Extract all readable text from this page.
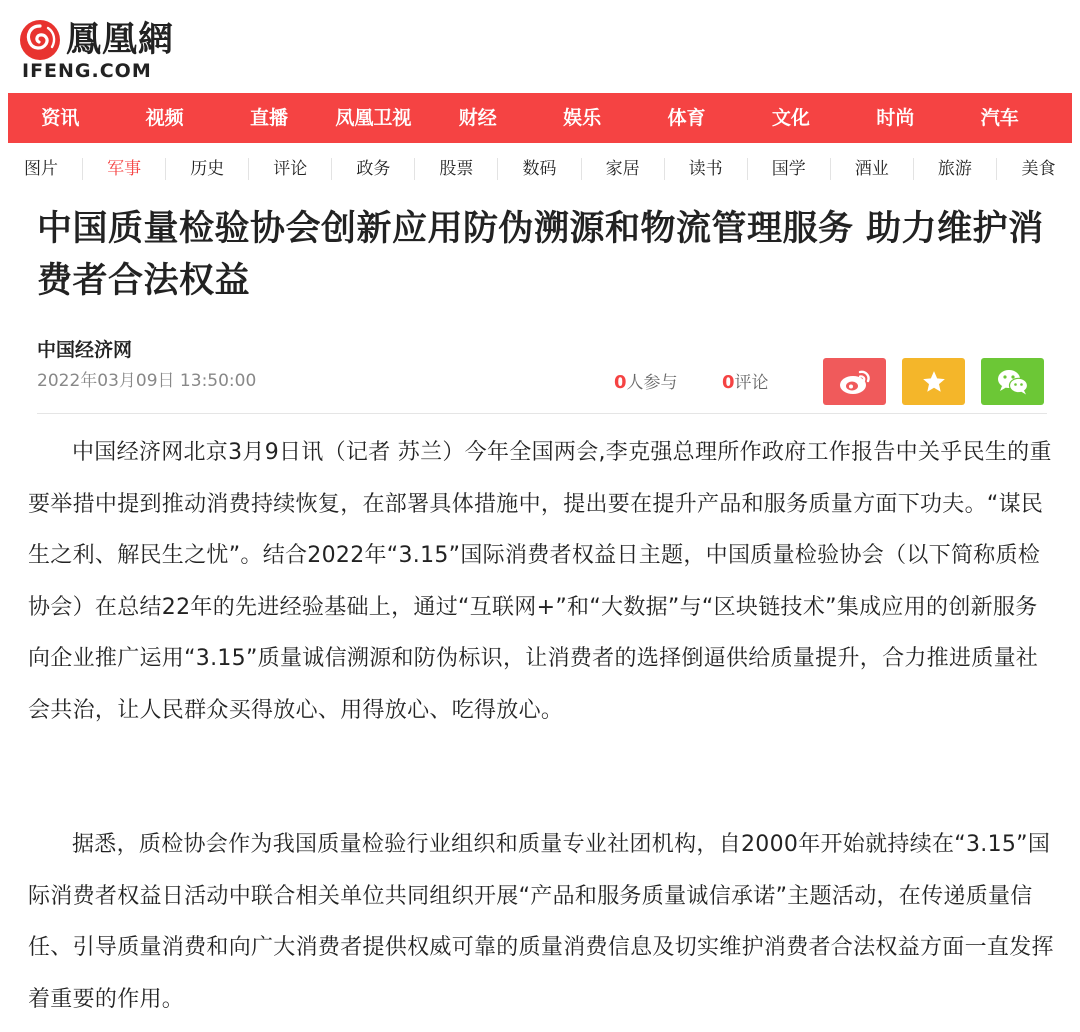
鳳凰網
IFENG.COM
资讯	视频	直播	凤凰卫视	财经	娱乐	体育	文化	时尚	汽车
图片	军事	历史	评论	政务	股票	数码	家居	读书	国学	酒业	旅游	美食
中国质量检验协会创新应用防伪溯源和物流管理服务 助力维护消费者合法权益
中国经济网
2022年03月09日 13:50:00	0人参与 0评论

中国经济网北京3月9日讯（记者 苏兰）今年全国两会,李克强总理所作政府工作报告中关乎民生的重要举措中提到推动消费持续恢复，在部署具体措施中，提出要在提升产品和服务质量方面下功夫。“谋民生之利、解民生之忧”。结合2022年“3.15”国际消费者权益日主题，中国质量检验协会（以下简称质检协会）在总结22年的先进经验基础上，通过“互联网+”和“大数据”与“区块链技术”集成应用的创新服务向企业推广运用“3.15”质量诚信溯源和防伪标识，让消费者的选择倒逼供给质量提升，合力推进质量社会共治，让人民群众买得放心、用得放心、吃得放心。

据悉，质检协会作为我国质量检验行业组织和质量专业社团机构，自2000年开始就持续在“3.15”国际消费者权益日活动中联合相关单位共同组织开展“产品和服务质量诚信承诺”主题活动，在传递质量信任、引导质量消费和向广大消费者提供权威可靠的质量消费信息及切实维护消费者合法权益方面一直发挥着重要的作用。
